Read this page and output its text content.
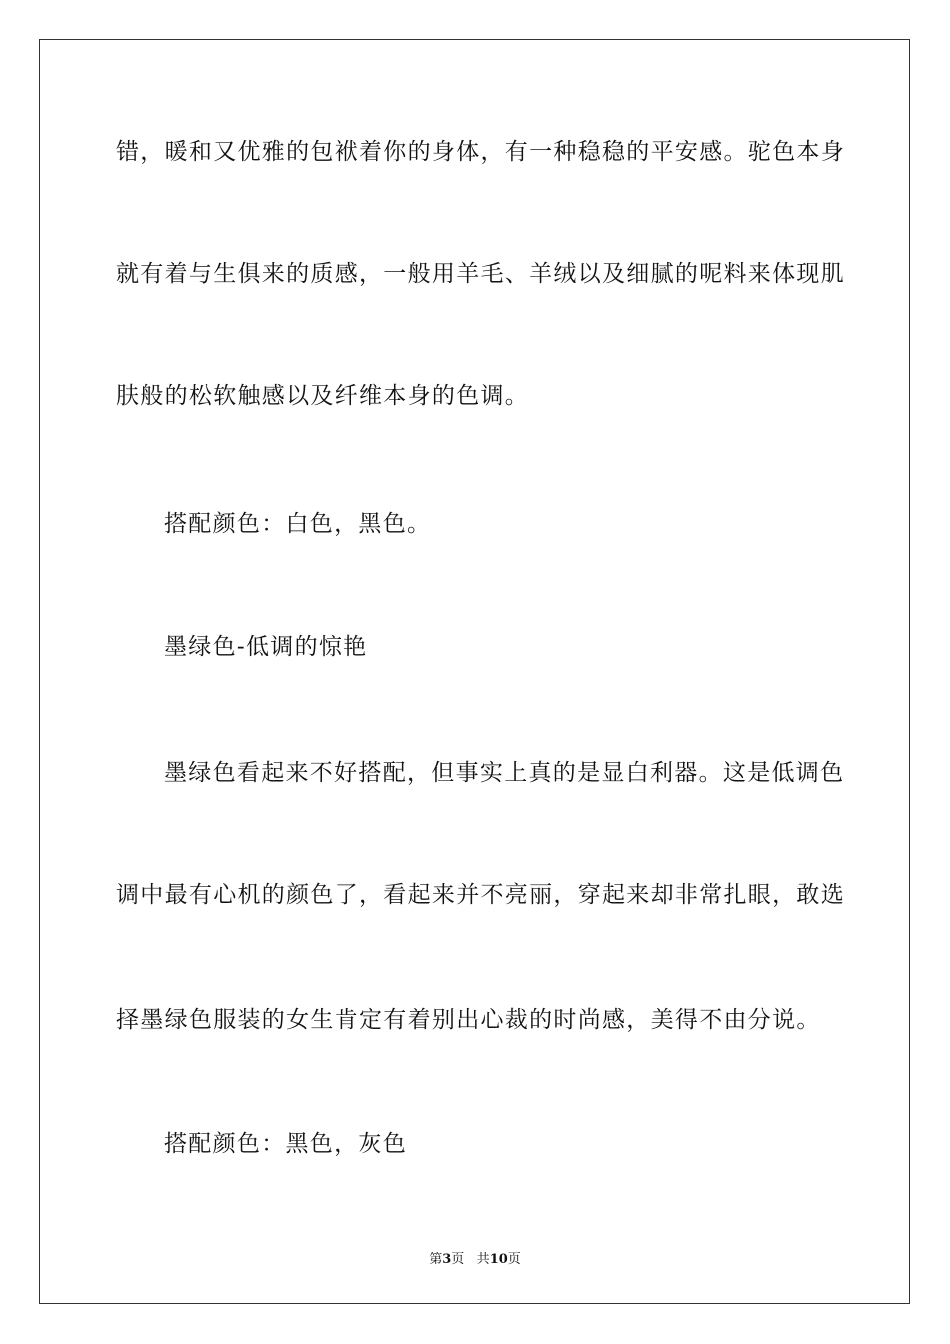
错，暖和又优雅的包袱着你的身体，有一种稳稳的平安感。驼色本身
就有着与生俱来的质感，一般用羊毛、羊绒以及细腻的呢料来体现肌
肤般的松软触感以及纤维本身的色调。
搭配颜色：白色，黑色。
墨绿色-低调的惊艳
墨绿色看起来不好搭配，但事实上真的是显白利器。这是低调色
调中最有心机的颜色了，看起来并不亮丽，穿起来却非常扎眼，敢选
择墨绿色服装的女生肯定有着别出心裁的时尚感，美得不由分说。
搭配颜色：黑色，灰色
第3页 共10页
